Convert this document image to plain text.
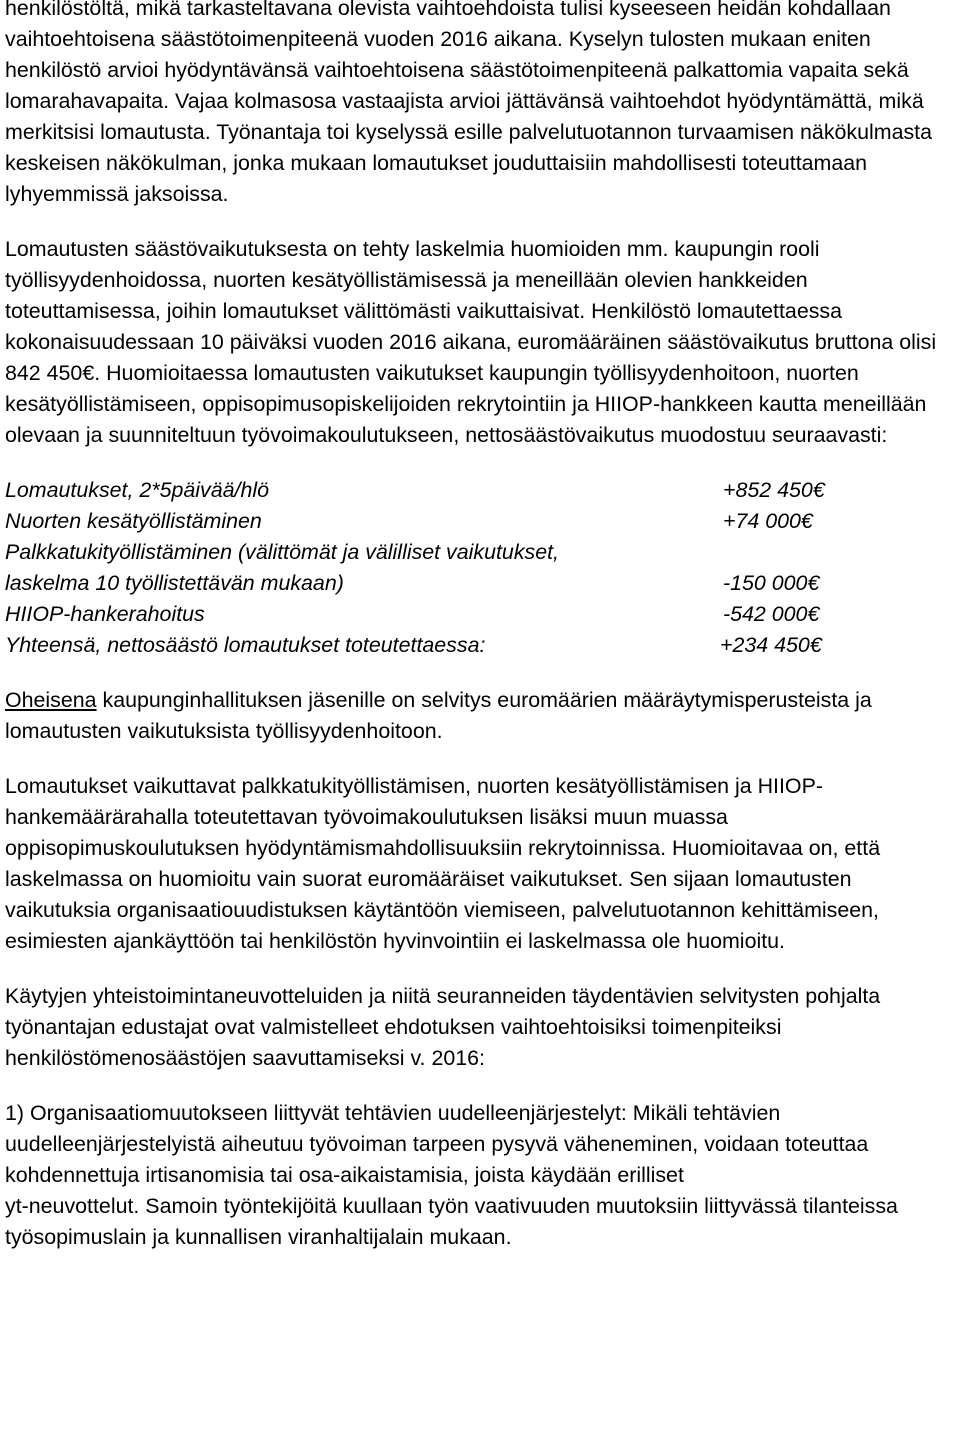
henkilöstöltä, mikä tarkasteltavana olevista vaihtoehdoista tulisi kyseeseen heidän kohdallaan vaihtoehtoisena säästötoimenpiteenä vuoden 2016 aikana. Kyselyn tulosten mukaan eniten henkilöstö arvioi hyödyntävänsä vaihtoehtoisena säästötoimenpiteenä palkattomia vapaita sekä lomarahavapaita. Vajaa kolmasosa vastaajista arvioi jättävänsä vaihtoehdot hyödyntämättä, mikä merkitsisi lomautusta. Työnantaja toi kyselyssä esille palvelutuotannon turvaamisen näkökulmasta keskeisen näkökulman, jonka mukaan lomautukset jouduttaisiin mahdollisesti toteuttamaan lyhyemmissä jaksoissa.

Lomautusten säästövaikutuksesta on tehty laskelmia huomioiden mm. kaupungin rooli työllisyydenhoidossa, nuorten kesätyöllistämisessä ja meneillään olevien hankkeiden toteuttamisessa, joihin lomautukset välittömästi vaikuttaisivat. Henkilöstö lomautettaessa kokonaisuudessaan 10 päiväksi vuoden 2016 aikana, euromääräinen säästövaikutus bruttona olisi 842 450€. Huomioitaessa lomautusten vaikutukset kaupungin työllisyydenhoitoon, nuorten kesätyöllistämiseen, oppisopimusopiskelijoiden rekrytointiin ja HIIOP-hankkeen kautta meneillään olevaan ja suunniteltuun työvoimakoulutukseen, nettosäästövaikutus muodostuu seuraavasti:

Lomautukset, 2*5päivää/hlö	+852 450€
Nuorten kesätyöllistäminen	+74 000€
Palkkatukityöllistäminen (välittömät ja välilliset vaikutukset,
laskelma 10 työllistettävän mukaan)	-150 000€
HIIOP-hankerahoitus	-542 000€
Yhteensä, nettosäästö lomautukset toteutettaessa:	+234 450€

Oheisena kaupunginhallituksen jäsenille on selvitys euromäärien määräytymisperusteista ja lomautusten vaikutuksista työllisyydenhoitoon.

Lomautukset vaikuttavat palkkatukityöllistämisen, nuorten kesätyöllistämisen ja HIIOP-hankemäärärahalla toteutettavan työvoimakoulutuksen lisäksi muun muassa oppisopimuskoulutuksen hyödyntämismahdollisuuksiin rekrytoinnissa. Huomioitavaa on, että laskelmassa on huomioitu vain suorat euromääräiset vaikutukset. Sen sijaan lomautusten vaikutuksia organisaatiouudistuksen käytäntöön viemiseen, palvelutuotannon kehittämiseen, esimiesten ajankäyttöön tai henkilöstön hyvinvointiin ei laskelmassa ole huomioitu.

Käytyjen yhteistoimintaneuvotteluiden ja niitä seuranneiden täydentävien selvitysten pohjalta työnantajan edustajat ovat valmistelleet ehdotuksen vaihtoehtoisiksi toimenpiteiksi henkilöstömenosäästöjen saavuttamiseksi v. 2016:

1) Organisaatiomuutokseen liittyvät tehtävien uudelleenjärjestelyt: Mikäli tehtävien uudelleenjärjestelyistä aiheutuu työvoiman tarpeen pysyvä väheneminen, voidaan toteuttaa kohdennettuja irtisanomisia tai osa-aikaistamisia, joista käydään erilliset
yt-neuvottelut. Samoin työntekijöitä kuullaan työn vaativuuden muutoksiin liittyvässä tilanteissa työsopimuslain ja kunnallisen viranhaltijalain mukaan.
